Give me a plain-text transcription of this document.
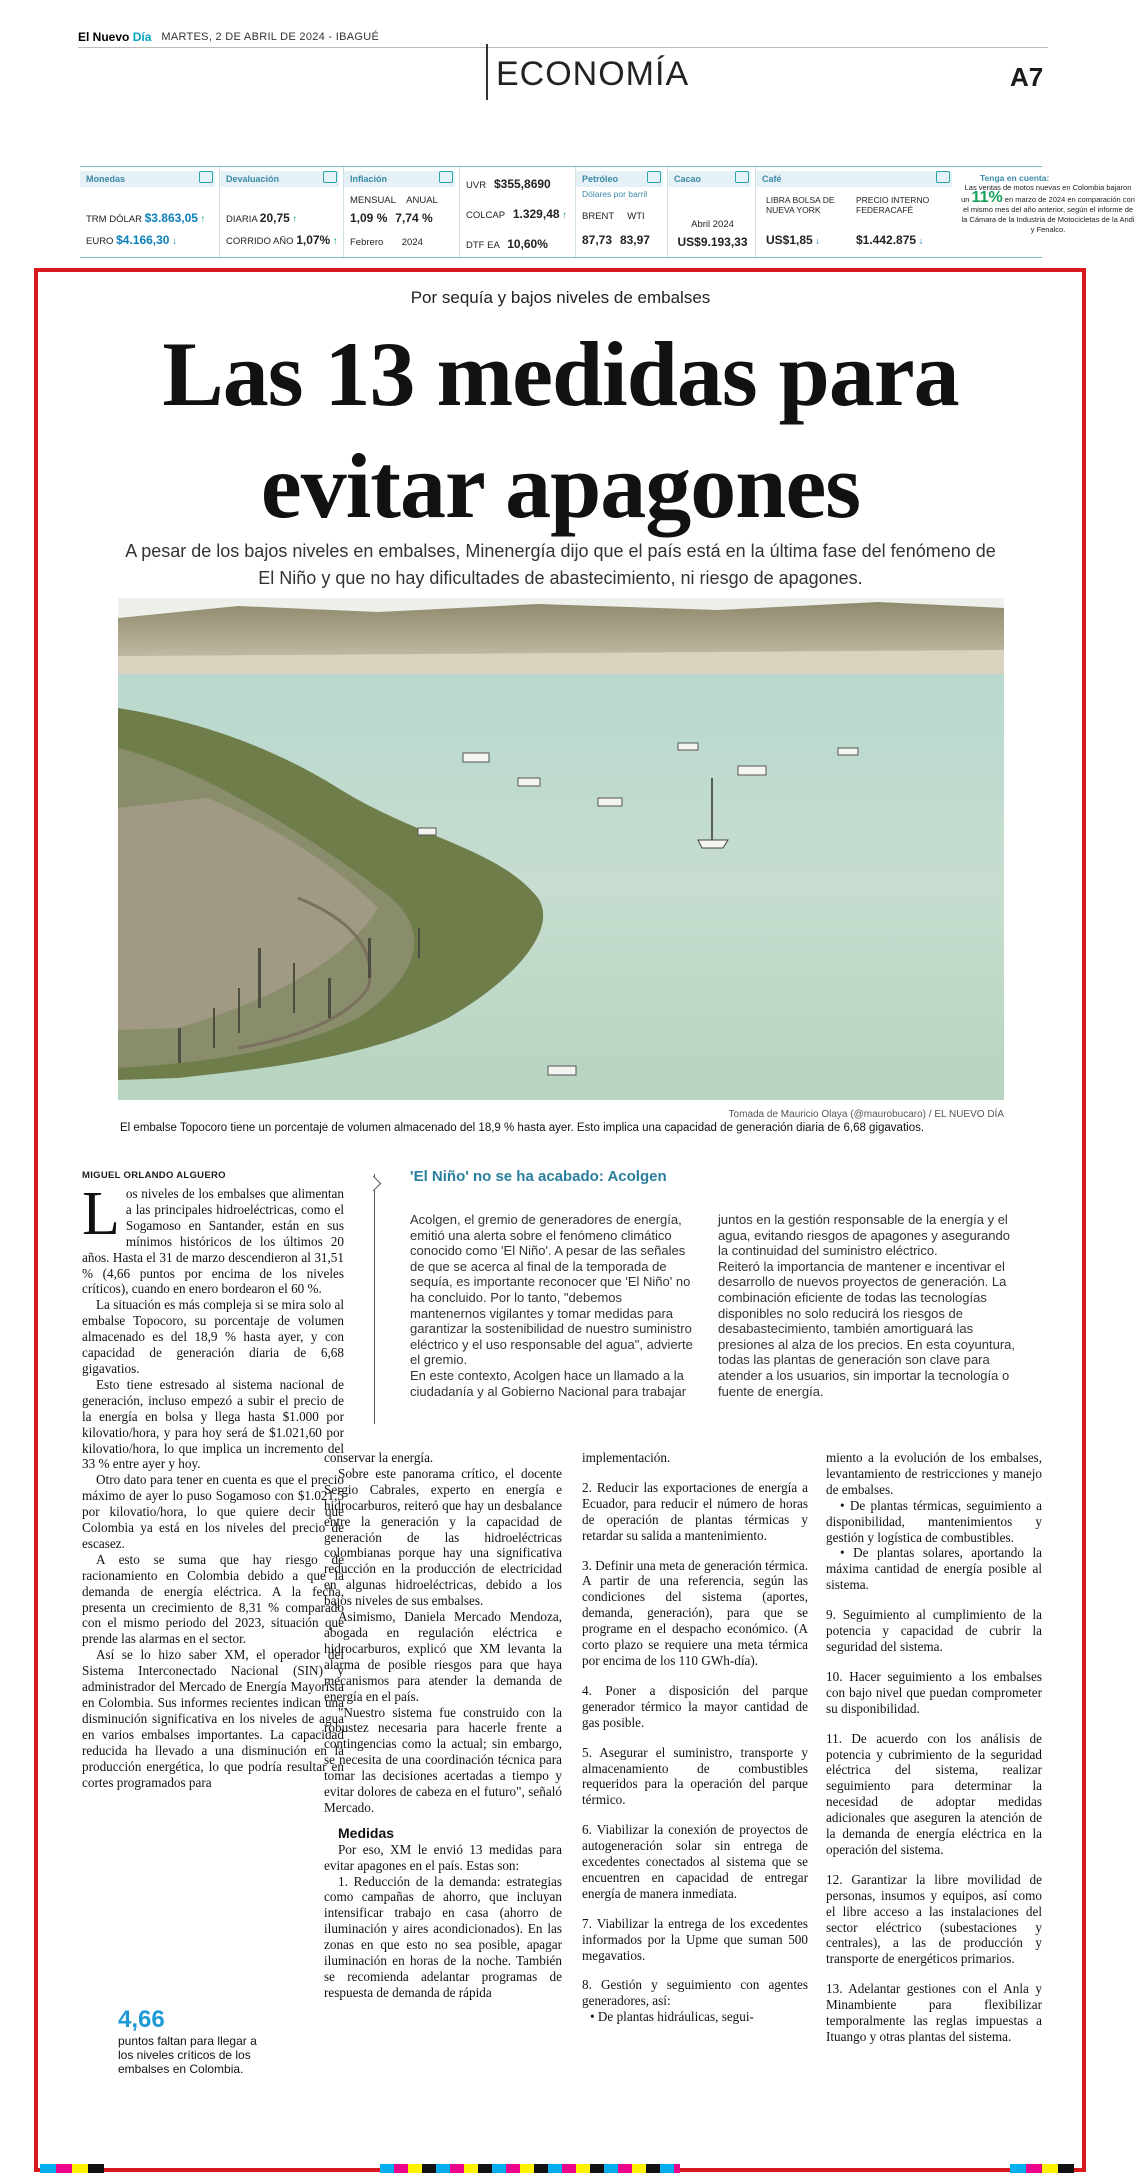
El Nuevo Día MARTES, 2 DE ABRIL DE 2024 - IBAGUÉ
ECONOMÍA	A7
Monedas
TRM DÓLAR $3.863,05 ↑
EURO $4.166,30 ↓
Devaluación
DIARIA 20,75 ↑
CORRIDO AÑO 1,07% ↑
Inflación
MENSUAL ANUAL
1,09 % 7,74 %
Febrero 2024
UVR $355,8690
COLCAP 1.329,48 ↑
DTF EA 10,60%
Petróleo
Dólares por barril
BRENT WTI
87,73 83,97
Cacao
Abril 2024
US$9.193,33
Café
LIBRA BOLSA DE NUEVA YORK
PRECIO INTERNO FEDERACAFÉ
US$1,85 ↓	$1.442.875 ↓
Tenga en cuenta:
Las ventas de motos nuevas en Colombia bajaron un 11% en marzo de 2024 en comparación con el mismo mes del año anterior, según el informe de la Cámara de la Industria de Motocicletas de la Andi y Fenalco.
Por sequía y bajos niveles de embalses
Las 13 medidas para evitar apagones
A pesar de los bajos niveles en embalses, Minenergía dijo que el país está en la última fase del fenómeno de El Niño y que no hay dificultades de abastecimiento, ni riesgo de apagones.
Tomada de Mauricio Olaya (@maurobucaro) / EL NUEVO DÍA
El embalse Topocoro tiene un porcentaje de volumen almacenado del 18,9 % hasta ayer. Esto implica una capacidad de generación diaria de 6,68 gigavatios.
MIGUEL ORLANDO ALGUERO

Los niveles de los embalses que alimentan a las principales hidroeléctricas, como el Sogamoso en Santander, están en sus mínimos históricos de los últimos 20 años. Hasta el 31 de marzo descendieron al 31,51 % (4,66 puntos por encima de los niveles críticos), cuando en enero bordearon el 60 %.

La situación es más compleja si se mira solo al embalse Topocoro, su porcentaje de volumen almacenado es del 18,9 % hasta ayer, y con capacidad de generación diaria de 6,68 gigavatios.

Esto tiene estresado al sistema nacional de generación, incluso empezó a subir el precio de la energía en bolsa y llega hasta $1.000 por kilovatio/hora, y para hoy será de $1.021,60 por kilovatio/hora, lo que implica un incremento del 33 % entre ayer y hoy.

Otro dato para tener en cuenta es que el precio máximo de ayer lo puso Sogamoso con $1.021,5 por kilovatio/hora, lo que quiere decir que Colombia ya está en los niveles del precio de escasez.

A esto se suma que hay riesgo de racionamiento en Colombia debido a que la demanda de energía eléctrica. A la fecha, presenta un crecimiento de 8,31 % comparado con el mismo periodo del 2023, situación que prende las alarmas en el sector.

Así se lo hizo saber XM, el operador del Sistema Interconectado Nacional (SIN) y administrador del Mercado de Energía Mayorista en Colombia. Sus informes recientes indican una disminución significativa en los niveles de agua en varios embalses importantes. La capacidad reducida ha llevado a una disminución en la producción energética, lo que podría resultar en cortes programados para

'El Niño' no se ha acabado: Acolgen
Acolgen, el gremio de generadores de energía, emitió una alerta sobre el fenómeno climático conocido como 'El Niño'. A pesar de las señales de que se acerca al final de la temporada de sequía, es importante reconocer que 'El Niño' no ha concluido. Por lo tanto, "debemos mantenernos vigilantes y tomar medidas para garantizar la sostenibilidad de nuestro suministro eléctrico y el uso responsable del agua", advierte el gremio.
En este contexto, Acolgen hace un llamado a la ciudadanía y al Gobierno Nacional para trabajar
juntos en la gestión responsable de la energía y el agua, evitando riesgos de apagones y asegurando la continuidad del suministro eléctrico.
Reiteró la importancia de mantener e incentivar el desarrollo de nuevos proyectos de generación. La combinación eficiente de todas las tecnologías disponibles no solo reducirá los riesgos de desabastecimiento, también amortiguará las presiones al alza de los precios. En esta coyuntura, todas las plantas de generación son clave para atender a los usuarios, sin importar la tecnología o fuente de energía.

conservar la energía.

Sobre este panorama crítico, el docente Sergio Cabrales, experto en energía e hidrocarburos, reiteró que hay un desbalance entre la generación y la capacidad de generación de las hidroeléctricas colombianas porque hay una significativa reducción en la producción de electricidad en algunas hidroeléctricas, debido a los bajos niveles de sus embalses.

Asimismo, Daniela Mercado Mendoza, abogada en regulación eléctrica e hidrocarburos, explicó que XM levanta la alarma de posible riesgos para que haya mecanismos para atender la demanda de energía en el país.

"Nuestro sistema fue construido con la robustez necesaria para hacerle frente a contingencias como la actual; sin embargo, se necesita de una coordinación técnica para tomar las decisiones acertadas a tiempo y evitar dolores de cabeza en el futuro", señaló Mercado.

Medidas

Por eso, XM le envió 13 medidas para evitar apagones en el país. Estas son:

1. Reducción de la demanda: estrategias como campañas de ahorro, que incluyan intensificar trabajo en casa (ahorro de iluminación y aires acondicionados). En las zonas en que esto no sea posible, apagar iluminación en horas de la noche. También se recomienda adelantar programas de respuesta de demanda de rápida

implementación.

2. Reducir las exportaciones de energía a Ecuador, para reducir el número de horas de operación de plantas térmicas y retardar su salida a mantenimiento.

3. Definir una meta de generación térmica. A partir de una referencia, según las condiciones del sistema (aportes, demanda, generación), para que se programe en el despacho económico. (A corto plazo se requiere una meta térmica por encima de los 110 GWh-día).

4. Poner a disposición del parque generador térmico la mayor cantidad de gas posible.

5. Asegurar el suministro, transporte y almacenamiento de combustibles requeridos para la operación del parque térmico.

6. Viabilizar la conexión de proyectos de autogeneración solar sin entrega de excedentes conectados al sistema que se encuentren en capacidad de entregar energía de manera inmediata.

7. Viabilizar la entrega de los excedentes informados por la Upme que suman 500 megavatios.

8. Gestión y seguimiento con agentes generadores, así:

• De plantas hidráulicas, segui-

miento a la evolución de los embalses, levantamiento de restricciones y manejo de embalses.

• De plantas térmicas, seguimiento a disponibilidad, mantenimientos y gestión y logística de combustibles.

• De plantas solares, aportando la máxima cantidad de energía posible al sistema.

9. Seguimiento al cumplimiento de la potencia y capacidad de cubrir la seguridad del sistema.

10. Hacer seguimiento a los embalses con bajo nivel que puedan comprometer su disponibilidad.

11. De acuerdo con los análisis de potencia y cubrimiento de la seguridad eléctrica del sistema, realizar seguimiento para determinar la necesidad de adoptar medidas adicionales que aseguren la atención de la demanda de energía eléctrica en la operación del sistema.

12. Garantizar la libre movilidad de personas, insumos y equipos, así como el libre acceso a las instalaciones del sector eléctrico (subestaciones y centrales), a las de producción y transporte de energéticos primarios.

13. Adelantar gestiones con el Anla y Minambiente para flexibilizar temporalmente las reglas impuestas a Ituango y otras plantas del sistema.

4,66
puntos faltan para llegar a los niveles críticos de los embalses en Colombia.
